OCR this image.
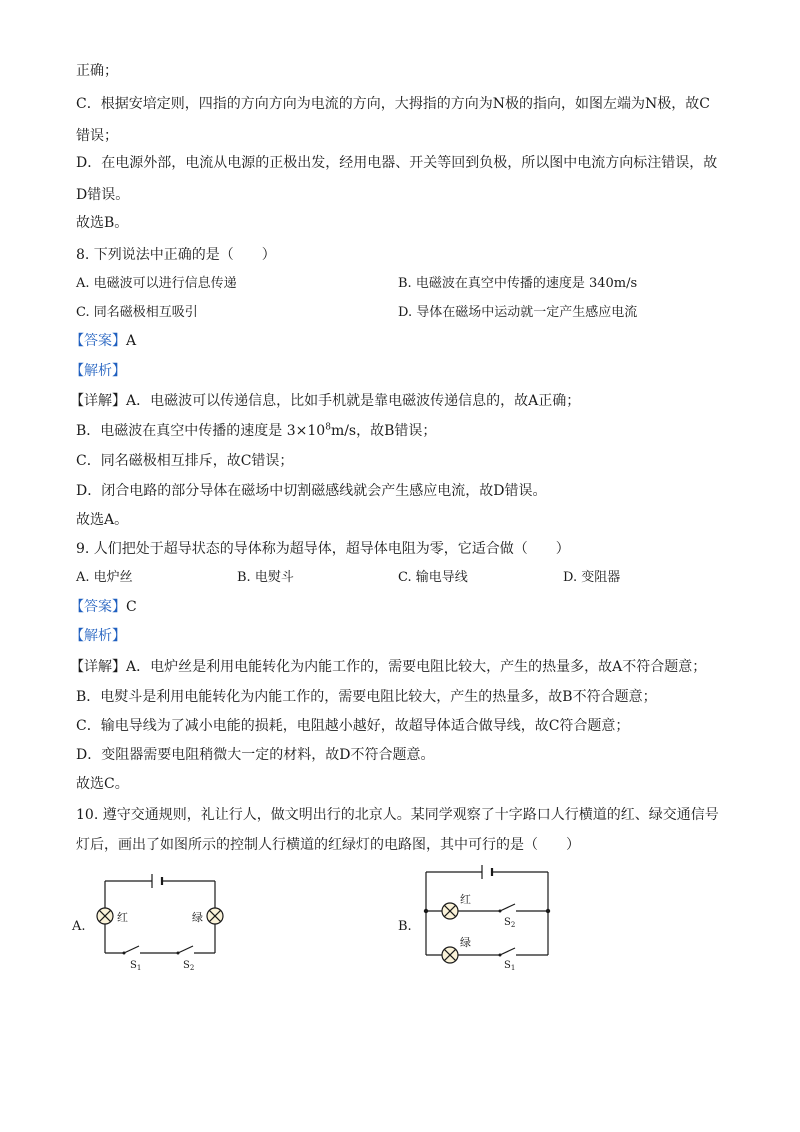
正确；
C．根据安培定则，四指的方向方向为电流的方向，大拇指的方向为N极的指向，如图左端为N极，故C
错误；
D．在电源外部，电流从电源的正极出发，经用电器、开关等回到负极，所以图中电流方向标注错误，故
D错误。
故选B。
8. 下列说法中正确的是（　　）
A. 电磁波可以进行信息传递	B. 电磁波在真空中传播的速度是 340m/s
C. 同名磁极相互吸引	D. 导体在磁场中运动就一定产生感应电流
【答案】A
【解析】
【详解】A．电磁波可以传递信息，比如手机就是靠电磁波传递信息的，故A正确；
B．电磁波在真空中传播的速度是 $3\times 10^8m/s$，故B错误；
C．同名磁极相互排斥，故C错误；
D．闭合电路的部分导体在磁场中切割磁感线就会产生感应电流，故D错误。
故选A。
9. 人们把处于超导状态的导体称为超导体，超导体电阻为零，它适合做（　　）
A. 电炉丝	B. 电熨斗	C. 输电导线	D. 变阻器
【答案】C
【解析】
【详解】A．电炉丝是利用电能转化为内能工作的，需要电阻比较大，产生的热量多，故A不符合题意；
B．电熨斗是利用电能转化为内能工作的，需要电阻比较大，产生的热量多，故B不符合题意；
C．输电导线为了减小电能的损耗，电阻越小越好，故超导体适合做导线，故C符合题意；
D．变阻器需要电阻稍微大一定的材料，故D不符合题意。
故选C。
10. 遵守交通规则，礼让行人，做文明出行的北京人。某同学观察了十字路口人行横道的红、绿交通信号
灯后，画出了如图所示的控制人行横道的红绿灯的电路图，其中可行的是（　　）
A.
红	绿
$S_1$	$S_2$
B.
红
绿
$S_2$
$S_1$
